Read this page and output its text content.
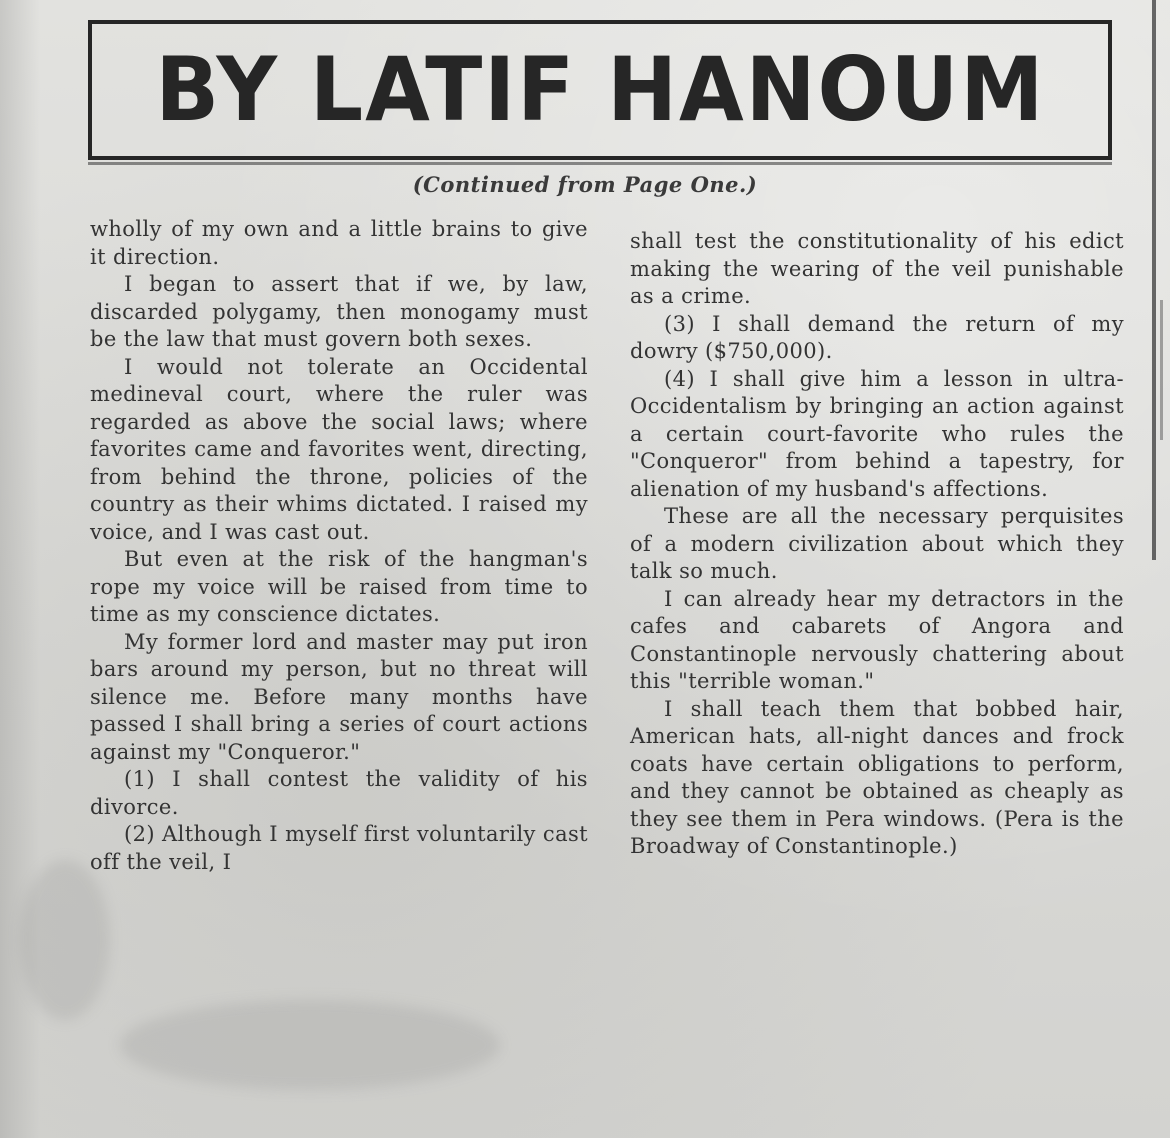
BY LATIF HANOUM
(Continued from Page One.)

wholly of my own and a little brains to give it direction.

I began to assert that if we, by law, discarded polygamy, then monogamy must be the law that must govern both sexes.

I would not tolerate an Occidental medineval court, where the ruler was regarded as above the social laws; where favorites came and favorites went, directing, from behind the throne, policies of the country as their whims dictated. I raised my voice, and I was cast out.

But even at the risk of the hangman's rope my voice will be raised from time to time as my conscience dictates.

My former lord and master may put iron bars around my person, but no threat will silence me. Before many months have passed I shall bring a series of court actions against my "Conqueror."

(1) I shall contest the validity of his divorce.

(2) Although I myself first voluntarily cast off the veil, I

shall test the constitutionality of his edict making the wearing of the veil punishable as a crime.

(3) I shall demand the return of my dowry ($750,000).

(4) I shall give him a lesson in ultra-Occidentalism by bringing an action against a certain court-favorite who rules the "Conqueror" from behind a tapestry, for alienation of my husband's affections.

These are all the necessary perquisites of a modern civilization about which they talk so much.

I can already hear my detractors in the cafes and cabarets of Angora and Constantinople nervously chattering about this "terrible woman."

I shall teach them that bobbed hair, American hats, all-night dances and frock coats have certain obligations to perform, and they cannot be obtained as cheaply as they see them in Pera windows. (Pera is the Broadway of Constantinople.)
